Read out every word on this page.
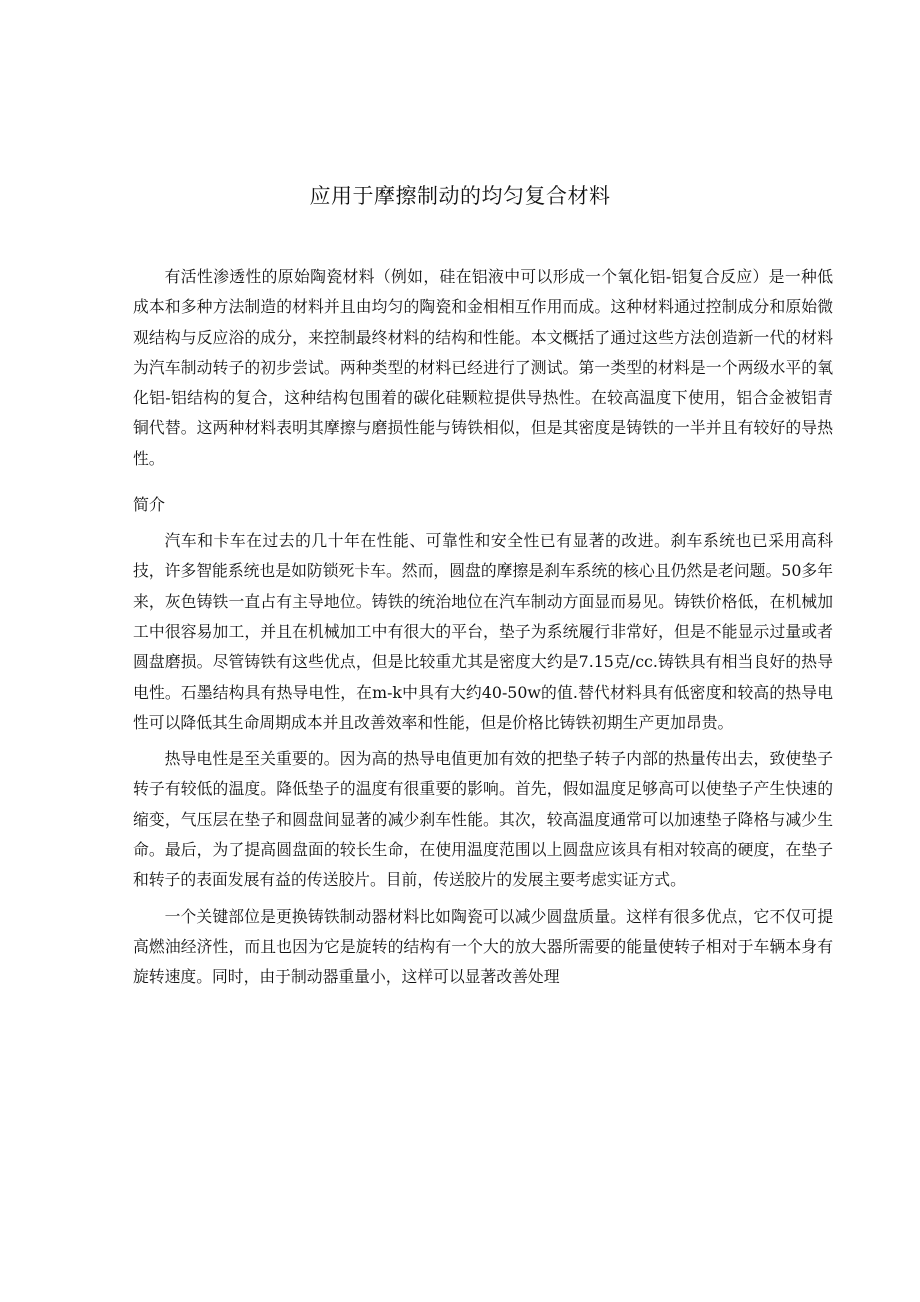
应用于摩擦制动的均匀复合材料

有活性渗透性的原始陶瓷材料（例如，硅在铝液中可以形成一个氧化铝-铝复合反应）是一种低成本和多种方法制造的材料并且由均匀的陶瓷和金相相互作用而成。这种材料通过控制成分和原始微观结构与反应浴的成分，来控制最终材料的结构和性能。本文概括了通过这些方法创造新一代的材料为汽车制动转子的初步尝试。两种类型的材料已经进行了测试。第一类型的材料是一个两级水平的氧化铝-铝结构的复合，这种结构包围着的碳化硅颗粒提供导热性。在较高温度下使用，铝合金被铝青铜代替。这两种材料表明其摩擦与磨损性能与铸铁相似，但是其密度是铸铁的一半并且有较好的导热性。

简介

汽车和卡车在过去的几十年在性能、可靠性和安全性已有显著的改进。刹车系统也已采用高科技，许多智能系统也是如防锁死卡车。然而，圆盘的摩擦是刹车系统的核心且仍然是老问题。50多年来，灰色铸铁一直占有主导地位。铸铁的统治地位在汽车制动方面显而易见。铸铁价格低，在机械加工中很容易加工，并且在机械加工中有很大的平台，垫子为系统履行非常好，但是不能显示过量或者圆盘磨损。尽管铸铁有这些优点，但是比较重尤其是密度大约是7.15克/cc.铸铁具有相当良好的热导电性。石墨结构具有热导电性，在m-k中具有大约40-50w的值.替代材料具有低密度和较高的热导电性可以降低其生命周期成本并且改善效率和性能，但是价格比铸铁初期生产更加昂贵。

热导电性是至关重要的。因为高的热导电值更加有效的把垫子转子内部的热量传出去，致使垫子转子有较低的温度。降低垫子的温度有很重要的影响。首先，假如温度足够高可以使垫子产生快速的缩变，气压层在垫子和圆盘间显著的减少刹车性能。其次，较高温度通常可以加速垫子降格与减少生命。最后，为了提高圆盘面的较长生命，在使用温度范围以上圆盘应该具有相对较高的硬度，在垫子和转子的表面发展有益的传送胶片。目前，传送胶片的发展主要考虑实证方式。

一个关键部位是更换铸铁制动器材料比如陶瓷可以减少圆盘质量。这样有很多优点，它不仅可提高燃油经济性，而且也因为它是旋转的结构有一个大的放大器所需要的能量使转子相对于车辆本身有旋转速度。同时，由于制动器重量小，这样可以显著改善处理
